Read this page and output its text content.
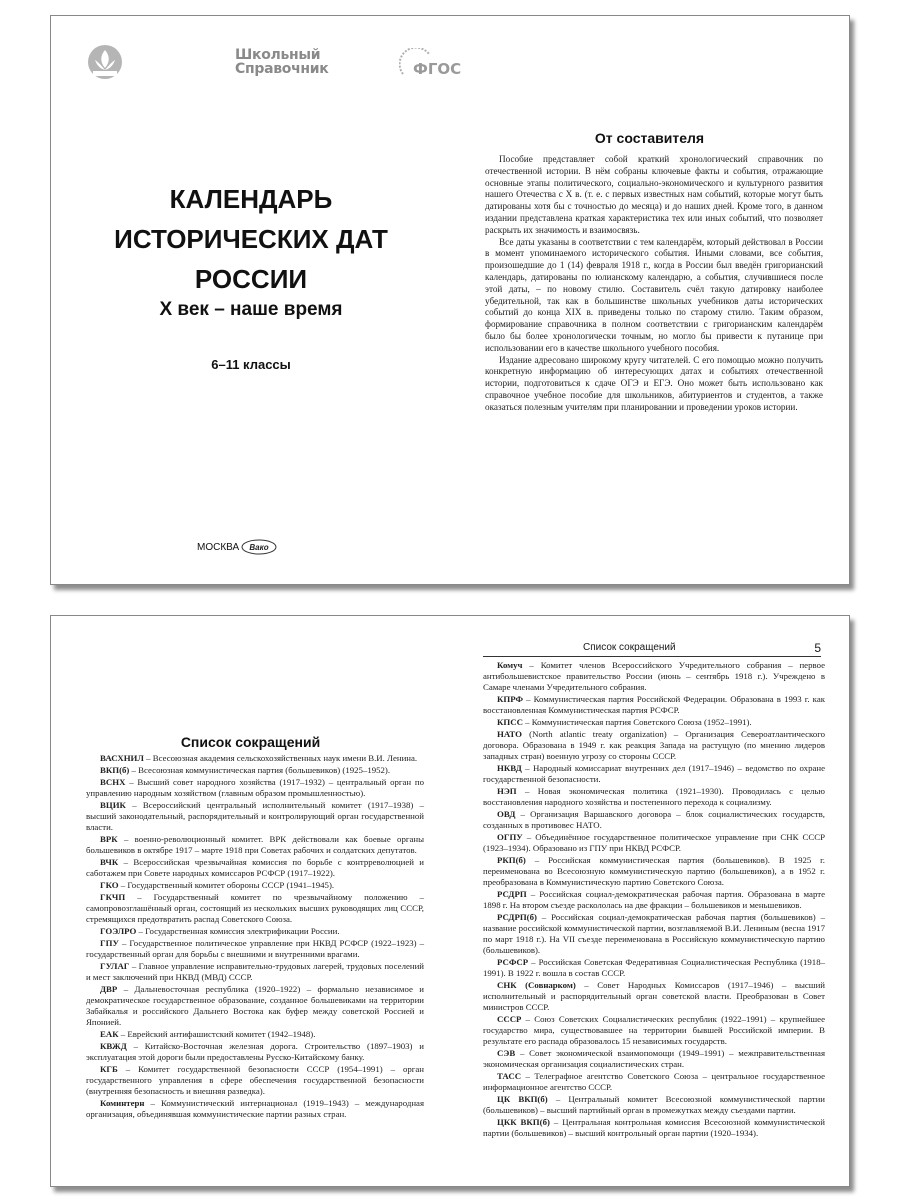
Школьный
Справочник	ФГОС
КАЛЕНДАРЬ
ИСТОРИЧЕСКИХ ДАТ
РОССИИ
X век – наше время
6–11 классы
МОСКВА Вако
От составителя

Пособие представляет собой краткий хронологический справочник по отечественной истории. В нём собраны ключевые факты и события, отражающие основные этапы политического, социально-экономического и культурного развития нашего Отечества с X в. (т. е. с первых известных нам событий, которые могут быть датированы хотя бы с точностью до месяца) и до наших дней. Кроме того, в данном издании представлена краткая характеристика тех или иных событий, что позволяет раскрыть их значимость и взаимосвязь.

Все даты указаны в соответствии с тем календарём, который действовал в России в момент упоминаемого исторического события. Иными словами, все события, произошедшие до 1 (14) февраля 1918 г., когда в России был введён григорианский календарь, датированы по юлианскому календарю, а события, случившиеся после этой даты, – по новому стилю. Составитель счёл такую датировку наиболее убедительной, так как в большинстве школьных учебников даты исторических событий до конца XIX в. приведены только по старому стилю. Таким образом, формирование справочника в полном соответствии с григорианским календарём было бы более хронологически точным, но могло бы привести к путанице при использовании его в качестве школьного учебного пособия.

Издание адресовано широкому кругу читателей. С его помощью можно получить конкретную информацию об интересующих датах и событиях отечественной истории, подготовиться к сдаче ОГЭ и ЕГЭ. Оно может быть использовано как справочное учебное пособие для школьников, абитуриентов и студентов, а также оказаться полезным учителям при планировании и проведении уроков истории.

Список сокращений

ВАСХНИЛ – Всесоюзная академия сельскохозяйственных наук имени В.И. Ленина.

ВКП(б) – Всесоюзная коммунистическая партия (большевиков) (1925–1952).

ВСНХ – Высший совет народного хозяйства (1917–1932) – центральный орган по управлению народным хозяйством (главным образом промышленностью).

ВЦИК – Всероссийский центральный исполнительный комитет (1917–1938) – высший законодательный, распорядительный и контролирующий орган государственной власти.

ВРК – военно-революционный комитет. ВРК действовали как боевые органы большевиков в октябре 1917 – марте 1918 при Советах рабочих и солдатских депутатов.

ВЧК – Всероссийская чрезвычайная комиссия по борьбе с контрреволюцией и саботажем при Совете народных комиссаров РСФСР (1917–1922).

ГКО – Государственный комитет обороны СССР (1941–1945).

ГКЧП – Государственный комитет по чрезвычайному положению – самопровозглашённый орган, состоящий из нескольких высших руководящих лиц СССР, стремящихся предотвратить распад Советского Союза.

ГОЭЛРО – Государственная комиссия электрификации России.

ГПУ – Государственное политическое управление при НКВД РСФСР (1922–1923) – государственный орган для борьбы с внешними и внутренними врагами.

ГУЛАГ – Главное управление исправительно-трудовых лагерей, трудовых поселений и мест заключений при НКВД (МВД) СССР.

ДВР – Дальневосточная республика (1920–1922) – формально независимое и демократическое государственное образование, созданное большевиками на территории Забайкалья и российского Дальнего Востока как буфер между советской Россией и Японией.

ЕАК – Еврейский антифашистский комитет (1942–1948).

КВЖД – Китайско-Восточная железная дорога. Строительство (1897–1903) и эксплуатация этой дороги были предоставлены Русско-Китайскому банку.

КГБ – Комитет государственной безопасности СССР (1954–1991) – орган государственного управления в сфере обеспечения государственной безопасности (внутренняя безопасность и внешняя разведка).

Коминтерн – Коммунистический интернационал (1919–1943) – международная организация, объединявшая коммунистические партии разных стран.

Список сокращений	5

Комуч – Комитет членов Всероссийского Учредительного собрания – первое антибольшевистское правительство России (июнь – сентябрь 1918 г.). Учреждено в Самаре членами Учредительного собрания.

КПРФ – Коммунистическая партия Российской Федерации. Образована в 1993 г. как восстановленная Коммунистическая партия РСФСР.

КПСС – Коммунистическая партия Советского Союза (1952–1991).

НАТО (North atlantic treaty organization) – Организация Североатлантического договора. Образована в 1949 г. как реакция Запада на растущую (по мнению лидеров западных стран) военную угрозу со стороны СССР.

НКВД – Народный комиссариат внутренних дел (1917–1946) – ведомство по охране государственной безопасности.

НЭП – Новая экономическая политика (1921–1930). Проводилась с целью восстановления народного хозяйства и постепенного перехода к социализму.

ОВД – Организация Варшавского договора – блок социалистических государств, созданных в противовес НАТО.

ОГПУ – Объединённое государственное политическое управление при СНК СССР (1923–1934). Образовано из ГПУ при НКВД РСФСР.

РКП(б) – Российская коммунистическая партия (большевиков). В 1925 г. переименована во Всесоюзную коммунистическую партию (большевиков), а в 1952 г. преобразована в Коммунистическую партию Советского Союза.

РСДРП – Российская социал-демократическая рабочая партия. Образована в марте 1898 г. На втором съезде раскололась на две фракции – большевиков и меньшевиков.

РСДРП(б) – Российская социал-демократическая рабочая партия (большевиков) – название российской коммунистической партии, возглавляемой В.И. Лениным (весна 1917 по март 1918 г.). На VII съезде переименована в Российскую коммунистическую партию (большевиков).

РСФСР – Российская Советская Федеративная Социалистическая Республика (1918–1991). В 1922 г. вошла в состав СССР.

СНК (Совнарком) – Совет Народных Комиссаров (1917–1946) – высший исполнительный и распорядительный орган советской власти. Преобразован в Совет министров СССР.

СССР – Союз Советских Социалистических республик (1922–1991) – крупнейшее государство мира, существовавшее на территории бывшей Российской империи. В результате его распада образовалось 15 независимых государств.

СЭВ – Совет экономической взаимопомощи (1949–1991) – межправительственная экономическая организация социалистических стран.

ТАСС – Телеграфное агентство Советского Союза – центральное государственное информационное агентство СССР.

ЦК ВКП(б) – Центральный комитет Всесоюзной коммунистической партии (большевиков) – высший партийный орган в промежутках между съездами партии.

ЦКК ВКП(б) – Центральная контрольная комиссия Всесоюзной коммунистической партии (большевиков) – высший контрольный орган партии (1920–1934).
